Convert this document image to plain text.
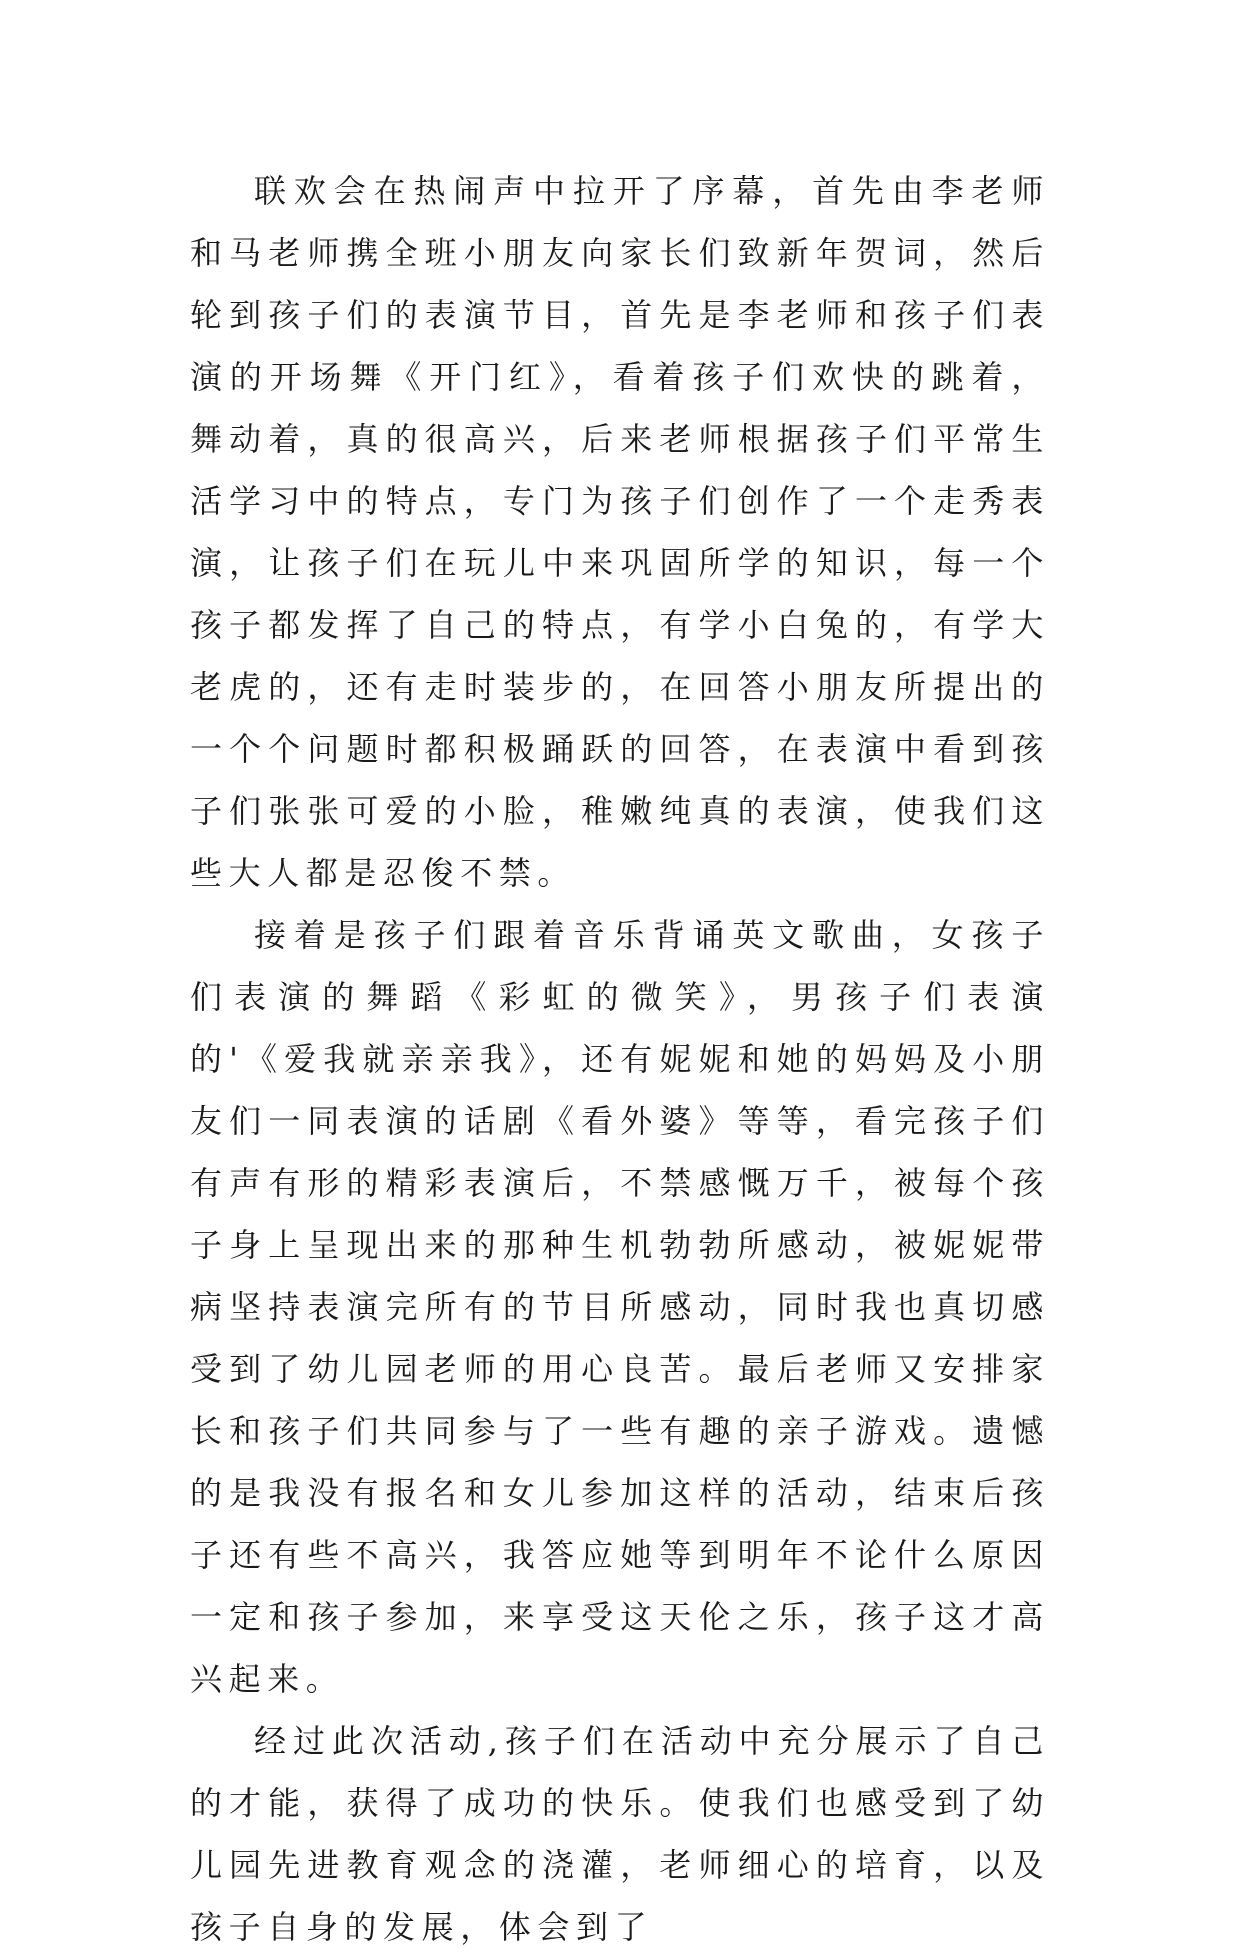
联欢会在热闹声中拉开了序幕，首先由李老师和马老师携全班小朋友向家长们致新年贺词，然后轮到孩子们的表演节目，首先是李老师和孩子们表演的开场舞《开门红》，看着孩子们欢快的跳着，舞动着，真的很高兴，后来老师根据孩子们平常生活学习中的特点，专门为孩子们创作了一个走秀表演，让孩子们在玩儿中来巩固所学的知识，每一个孩子都发挥了自己的特点，有学小白兔的，有学大老虎的，还有走时装步的，在回答小朋友所提出的一个个问题时都积极踊跃的回答，在表演中看到孩子们张张可爱的小脸，稚嫩纯真的表演，使我们这些大人都是忍俊不禁。

接着是孩子们跟着音乐背诵英文歌曲，女孩子们表演的舞蹈《彩虹的微笑》，男孩子们表演的'《爱我就亲亲我》，还有妮妮和她的妈妈及小朋友们一同表演的话剧《看外婆》等等，看完孩子们有声有形的精彩表演后，不禁感慨万千，被每个孩子身上呈现出来的那种生机勃勃所感动，被妮妮带病坚持表演完所有的节目所感动，同时我也真切感受到了幼儿园老师的用心良苦。最后老师又安排家长和孩子们共同参与了一些有趣的亲子游戏。遗憾的是我没有报名和女儿参加这样的活动，结束后孩子还有些不高兴，我答应她等到明年不论什么原因一定和孩子参加，来享受这天伦之乐，孩子这才高兴起来。

经过此次活动,孩子们在活动中充分展示了自己的才能，获得了成功的快乐。使我们也感受到了幼儿园先进教育观念的浇灌，老师细心的培育，以及孩子自身的发展，体会到了
